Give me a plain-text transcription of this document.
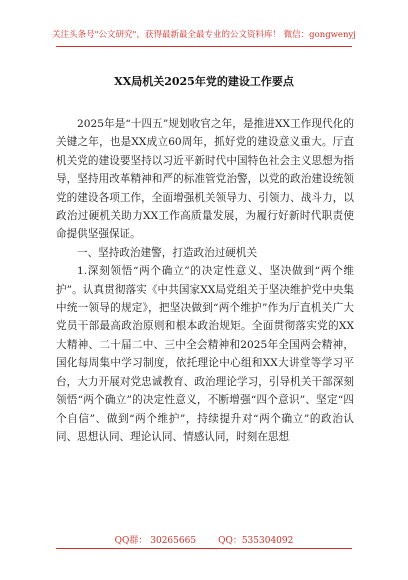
关注头条号"公文研究"，获得最新最全最专业的公文资料库！ 微信：gongwenyj
XX局机关2025年党的建设工作要点

2025年是“十四五”规划收官之年，是推进XX工作现代化的关键之年，也是XX成立60周年，抓好党的建设意义重大。厅直机关党的建设要坚持以习近平新时代中国特色社会主义思想为指导，坚持用改革精神和严的标准管党治警，以党的政治建设统领党的建设各项工作，全面增强机关领导力、引领力、战斗力，以政治过硬机关助力XX工作高质量发展，为履行好新时代职责使命提供坚强保证。

一、坚持政治建警，打造政治过硬机关

1.深刻领悟“两个确立”的决定性意义、坚决做到“两个维护”。认真贯彻落实《中共国家XX局党组关于坚决维护党中央集中统一领导的规定》，把坚决做到“两个维护”作为厅直机关广大党员干部最高政治原则和根本政治规矩。全面贯彻落实党的XX大精神、二十届二中、三中全会精神和2025年全国两会精神，国化每周集中学习制度，依托理论中心组和XX大讲堂等学习平台，大力开展对党忠诚教育、政治理论学习，引导机关干部深刻领悟“两个确立”的决定性意义，不断增强“四个意识”、坚定“四个自信”、做到“两个维护”，持续提升对“两个确立”的政治认同、思想认同、理论认同、情感认同，时刻在思想

QQ群： 30265665 QQ：535304092
